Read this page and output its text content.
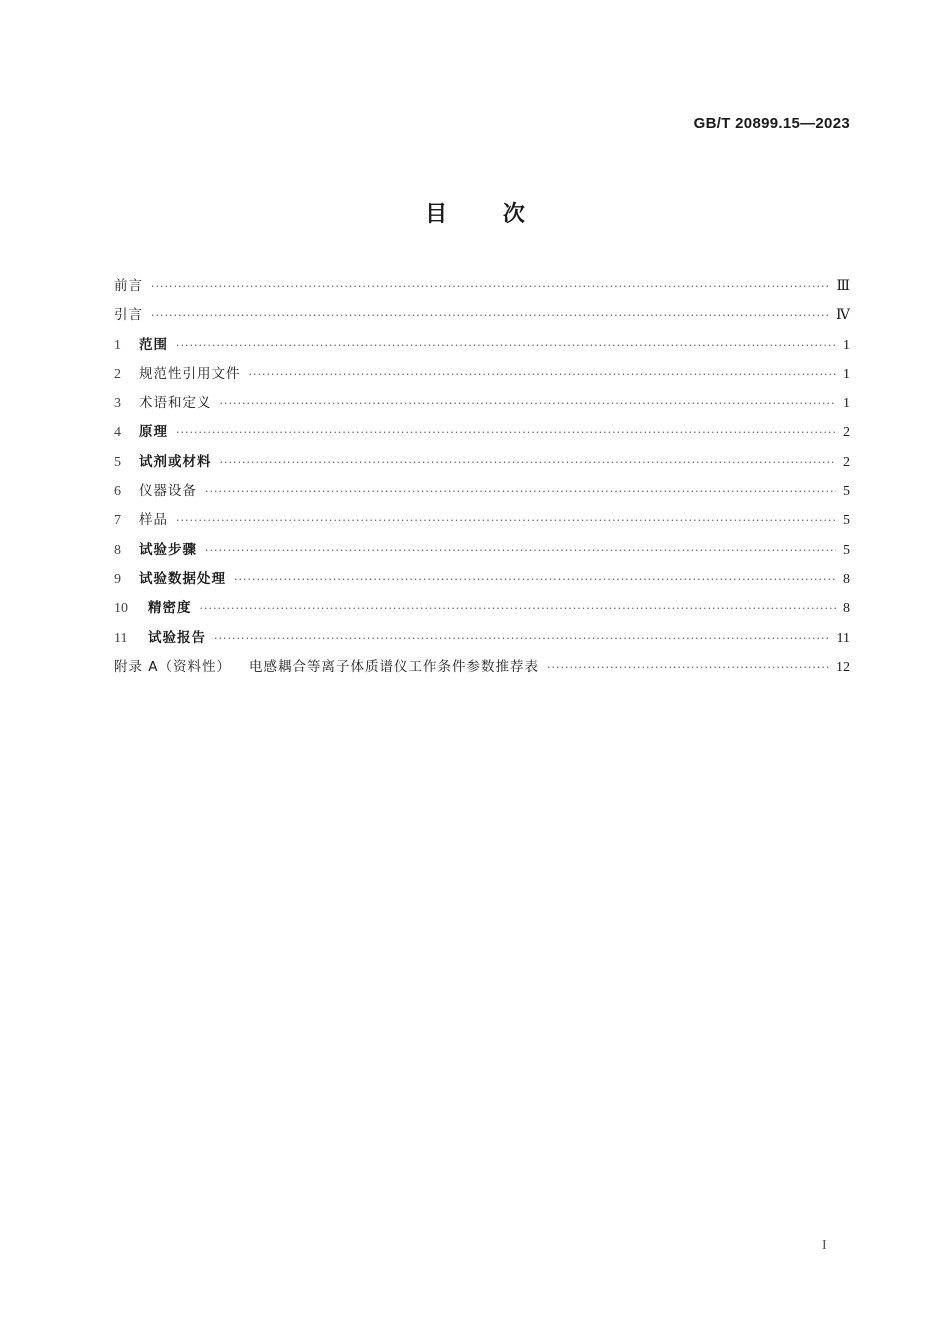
GB/T 20899.15—2023
目 次
前言 ·····	Ⅲ
引言 ·····	Ⅳ
1	范围 ·····	1
2	规范性引用文件 ·····	1
3	术语和定义 ·····	1
4	原理 ·····	2
5	试剂或材料 ·····	2
6	仪器设备 ·····	5
7	样品 ·····	5
8	试验步骤 ·····	5
9	试验数据处理 ·····	8
10	精密度 ·····	8
11	试验报告 ·····	11
附录 A（资料性） 电感耦合等离子体质谱仪工作条件参数推荐表 ·····	12
I
